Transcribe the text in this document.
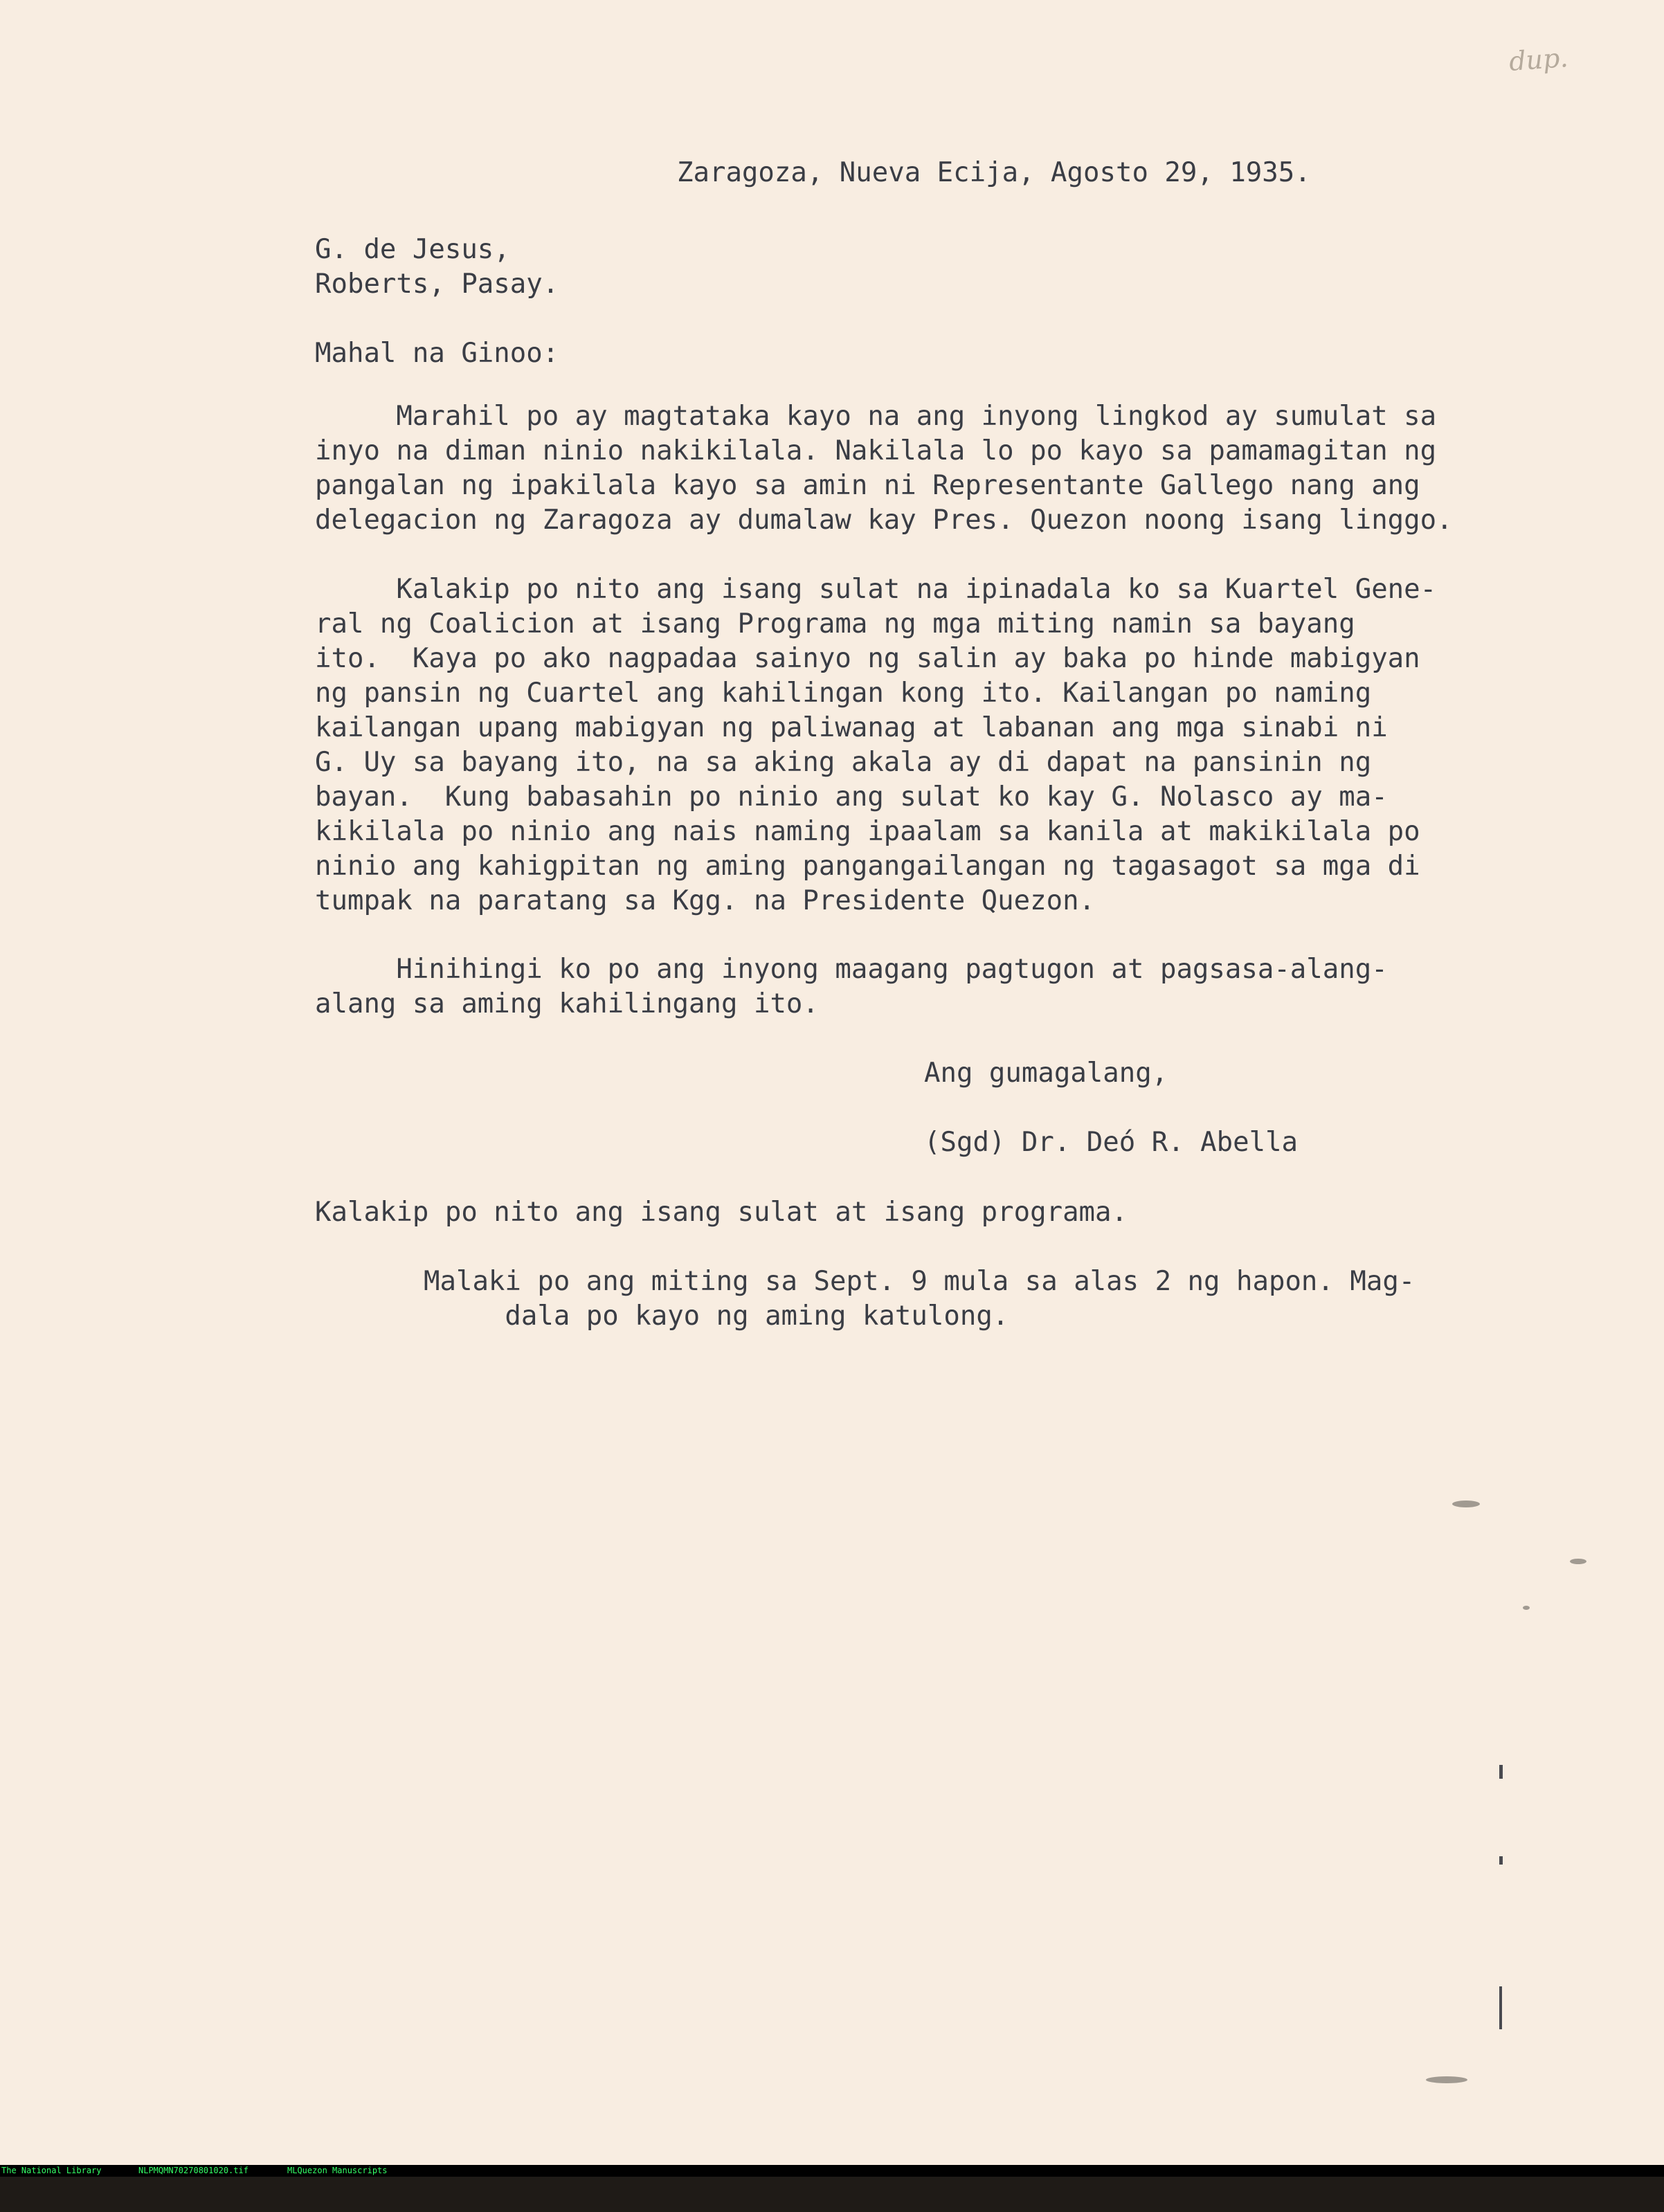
dup.
Zaragoza, Nueva Ecija, Agosto 29, 1935.
G. de Jesus,
Roberts, Pasay.
Mahal na Ginoo:
Marahil po ay magtataka kayo na ang inyong lingkod ay sumulat sa
inyo na diman ninio nakikilala. Nakilala lo po kayo sa pamamagitan ng
pangalan ng ipakilala kayo sa amin ni Representante Gallego nang ang
delegacion ng Zaragoza ay dumalaw kay Pres. Quezon noong isang linggo.
Kalakip po nito ang isang sulat na ipinadala ko sa Kuartel Gene-
ral ng Coalicion at isang Programa ng mga miting namin sa bayang
ito.  Kaya po ako nagpadaa sainyo ng salin ay baka po hinde mabigyan
ng pansin ng Cuartel ang kahilingan kong ito. Kailangan po naming
kailangan upang mabigyan ng paliwanag at labanan ang mga sinabi ni
G. Uy sa bayang ito, na sa aking akala ay di dapat na pansinin ng
bayan.  Kung babasahin po ninio ang sulat ko kay G. Nolasco ay ma-
kikilala po ninio ang nais naming ipaalam sa kanila at makikilala po
ninio ang kahigpitan ng aming pangangailangan ng tagasagot sa mga di
tumpak na paratang sa Kgg. na Presidente Quezon.
Hinihingi ko po ang inyong maagang pagtugon at pagsasa-alang-
alang sa aming kahilingang ito.
Ang gumagalang,
(Sgd) Dr. Deó R. Abella
Kalakip po nito ang isang sulat at isang programa.
Malaki po ang miting sa Sept. 9 mula sa alas 2 ng hapon. Mag-
dala po kayo ng aming katulong.

The National Library

	NLPMQMN70270801020.tif

	MLQuezon Manuscripts
